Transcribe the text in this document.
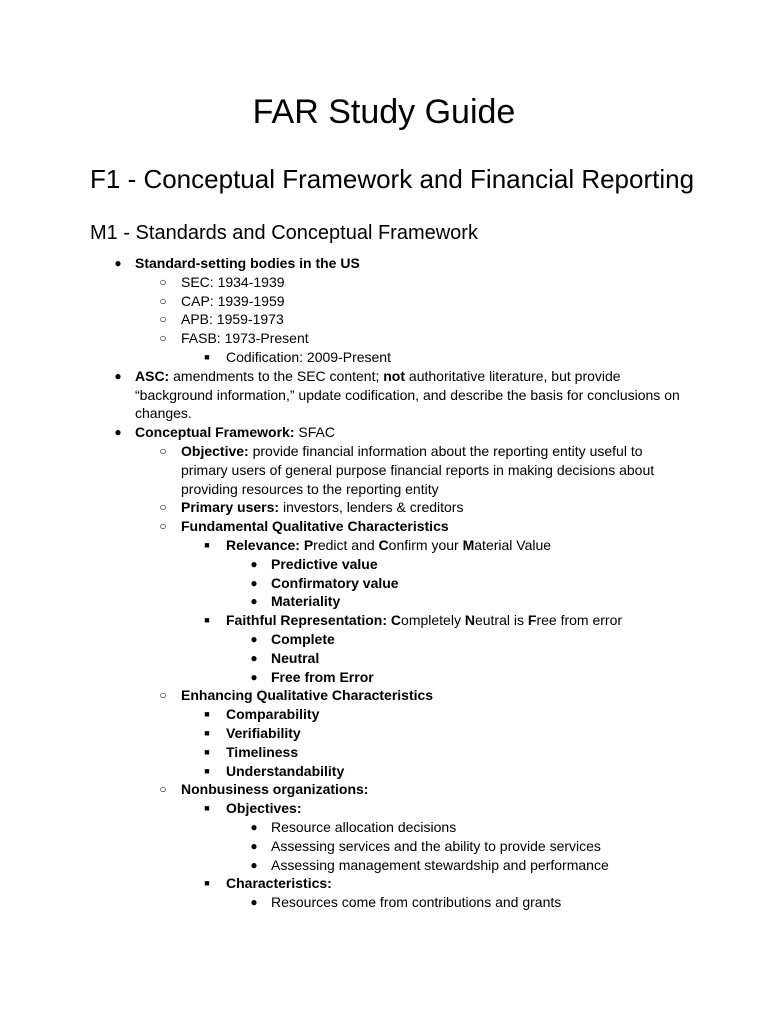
FAR Study Guide
F1 - Conceptual Framework and Financial Reporting
M1 - Standards and Conceptual Framework
● Standard-setting bodies in the US
○ SEC: 1934-1939
○ CAP: 1939-1959
○ APB: 1959-1973
○ FASB: 1973-Present
■	Codification: 2009-Present
● ASC: amendments to the SEC content; not authoritative literature, but provide “background information,” update codification, and describe the basis for conclusions on changes.
● Conceptual Framework: SFAC
○ Objective: provide financial information about the reporting entity useful to primary users of general purpose financial reports in making decisions about providing resources to the reporting entity
○ Primary users: investors, lenders & creditors
○ Fundamental Qualitative Characteristics
■	Relevance: Predict and Confirm your Material Value
● Predictive value
● Confirmatory value
● Materiality
■	Faithful Representation: Completely Neutral is Free from error
● Complete
● Neutral
● Free from Error
○ Enhancing Qualitative Characteristics
■	Comparability
■	Verifiability
■	Timeliness
■	Understandability
○ Nonbusiness organizations:
■	Objectives:
● Resource allocation decisions
● Assessing services and the ability to provide services
● Assessing management stewardship and performance
■	Characteristics:
● Resources come from contributions and grants
